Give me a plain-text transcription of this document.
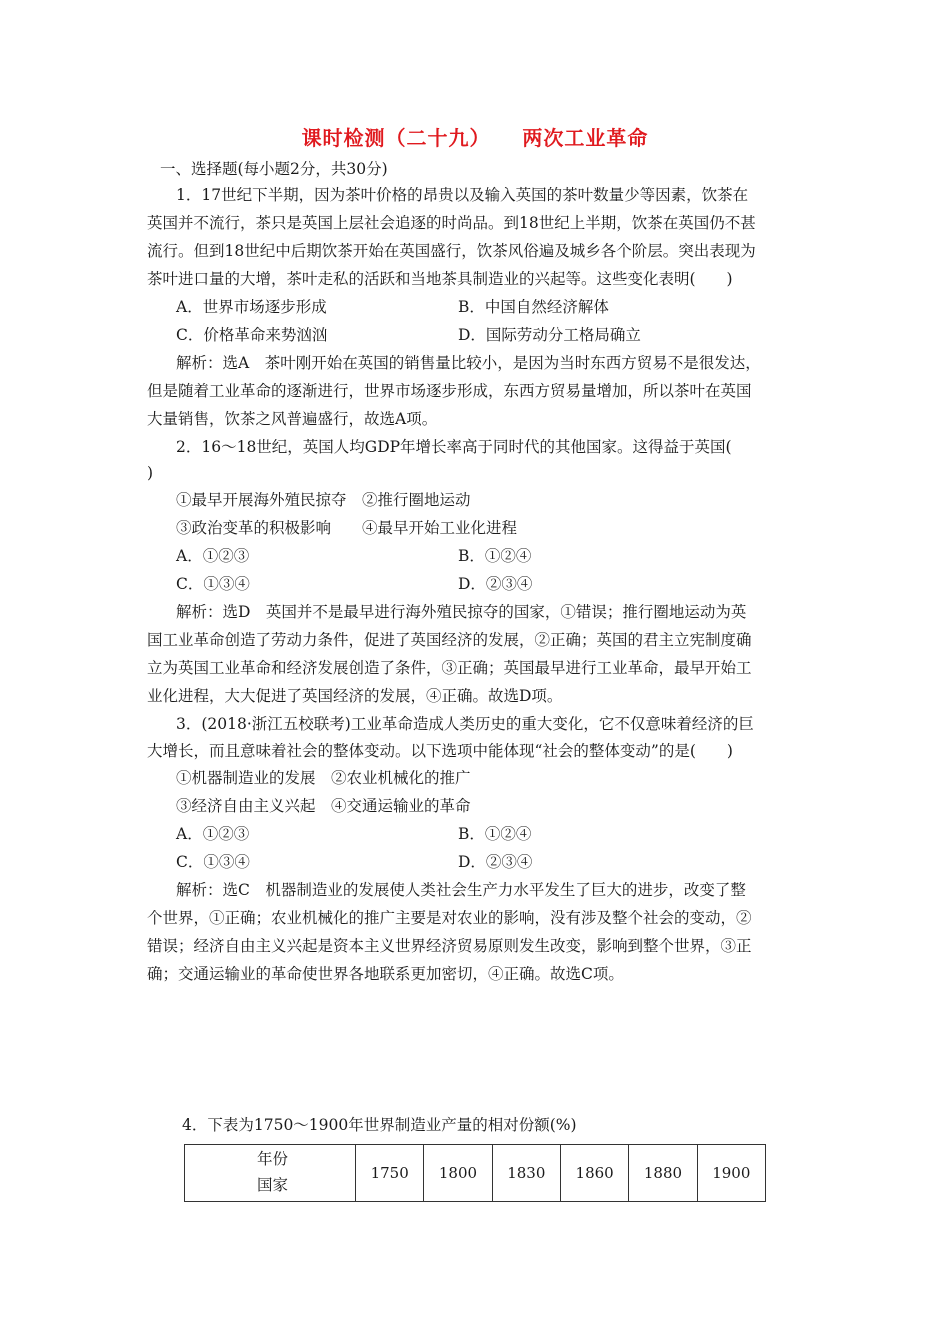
课时检测（二十九）    两次工业革命
一、选择题(每小题2分，共30分)
1．17世纪下半期，因为茶叶价格的昂贵以及输入英国的茶叶数量少等因素，饮茶在
英国并不流行，茶只是英国上层社会追逐的时尚品。到18世纪上半期，饮茶在英国仍不甚
流行。但到18世纪中后期饮茶开始在英国盛行，饮茶风俗遍及城乡各个阶层。突出表现为
茶叶进口量的大增，茶叶走私的活跃和当地茶具制造业的兴起等。这些变化表明(　　)
A．世界市场逐步形成	B．中国自然经济解体
C．价格革命来势汹汹	D．国际劳动分工格局确立
解析：选A　茶叶刚开始在英国的销售量比较小，是因为当时东西方贸易不是很发达，
但是随着工业革命的逐渐进行，世界市场逐步形成，东西方贸易量增加，所以茶叶在英国
大量销售，饮茶之风普遍盛行，故选A项。
2．16～18世纪，英国人均GDP年增长率高于同时代的其他国家。这得益于英国(
)
①最早开展海外殖民掠夺　②推行圈地运动
③政治变革的积极影响　　④最早开始工业化进程
A．①②③	B．①②④
C．①③④	D．②③④
解析：选D　英国并不是最早进行海外殖民掠夺的国家，①错误；推行圈地运动为英
国工业革命创造了劳动力条件，促进了英国经济的发展，②正确；英国的君主立宪制度确
立为英国工业革命和经济发展创造了条件，③正确；英国最早进行工业革命，最早开始工
业化进程，大大促进了英国经济的发展，④正确。故选D项。
3．(2018·浙江五校联考)工业革命造成人类历史的重大变化，它不仅意味着经济的巨
大增长，而且意味着社会的整体变动。以下选项中能体现“社会的整体变动”的是(　　)
①机器制造业的发展　②农业机械化的推广
③经济自由主义兴起　④交通运输业的革命
A．①②③	B．①②④
C．①③④	D．②③④
解析：选C　机器制造业的发展使人类社会生产力水平发生了巨大的进步，改变了整
个世界，①正确；农业机械化的推广主要是对农业的影响，没有涉及整个社会的变动，②
错误；经济自由主义兴起是资本主义世界经济贸易原则发生改变，影响到整个世界，③正
确；交通运输业的革命使世界各地联系更加密切，④正确。故选C项。
4．下表为1750～1900年世界制造业产量的相对份额(%)
年份
国家
	1750	1800	1830	1860	1880	1900
